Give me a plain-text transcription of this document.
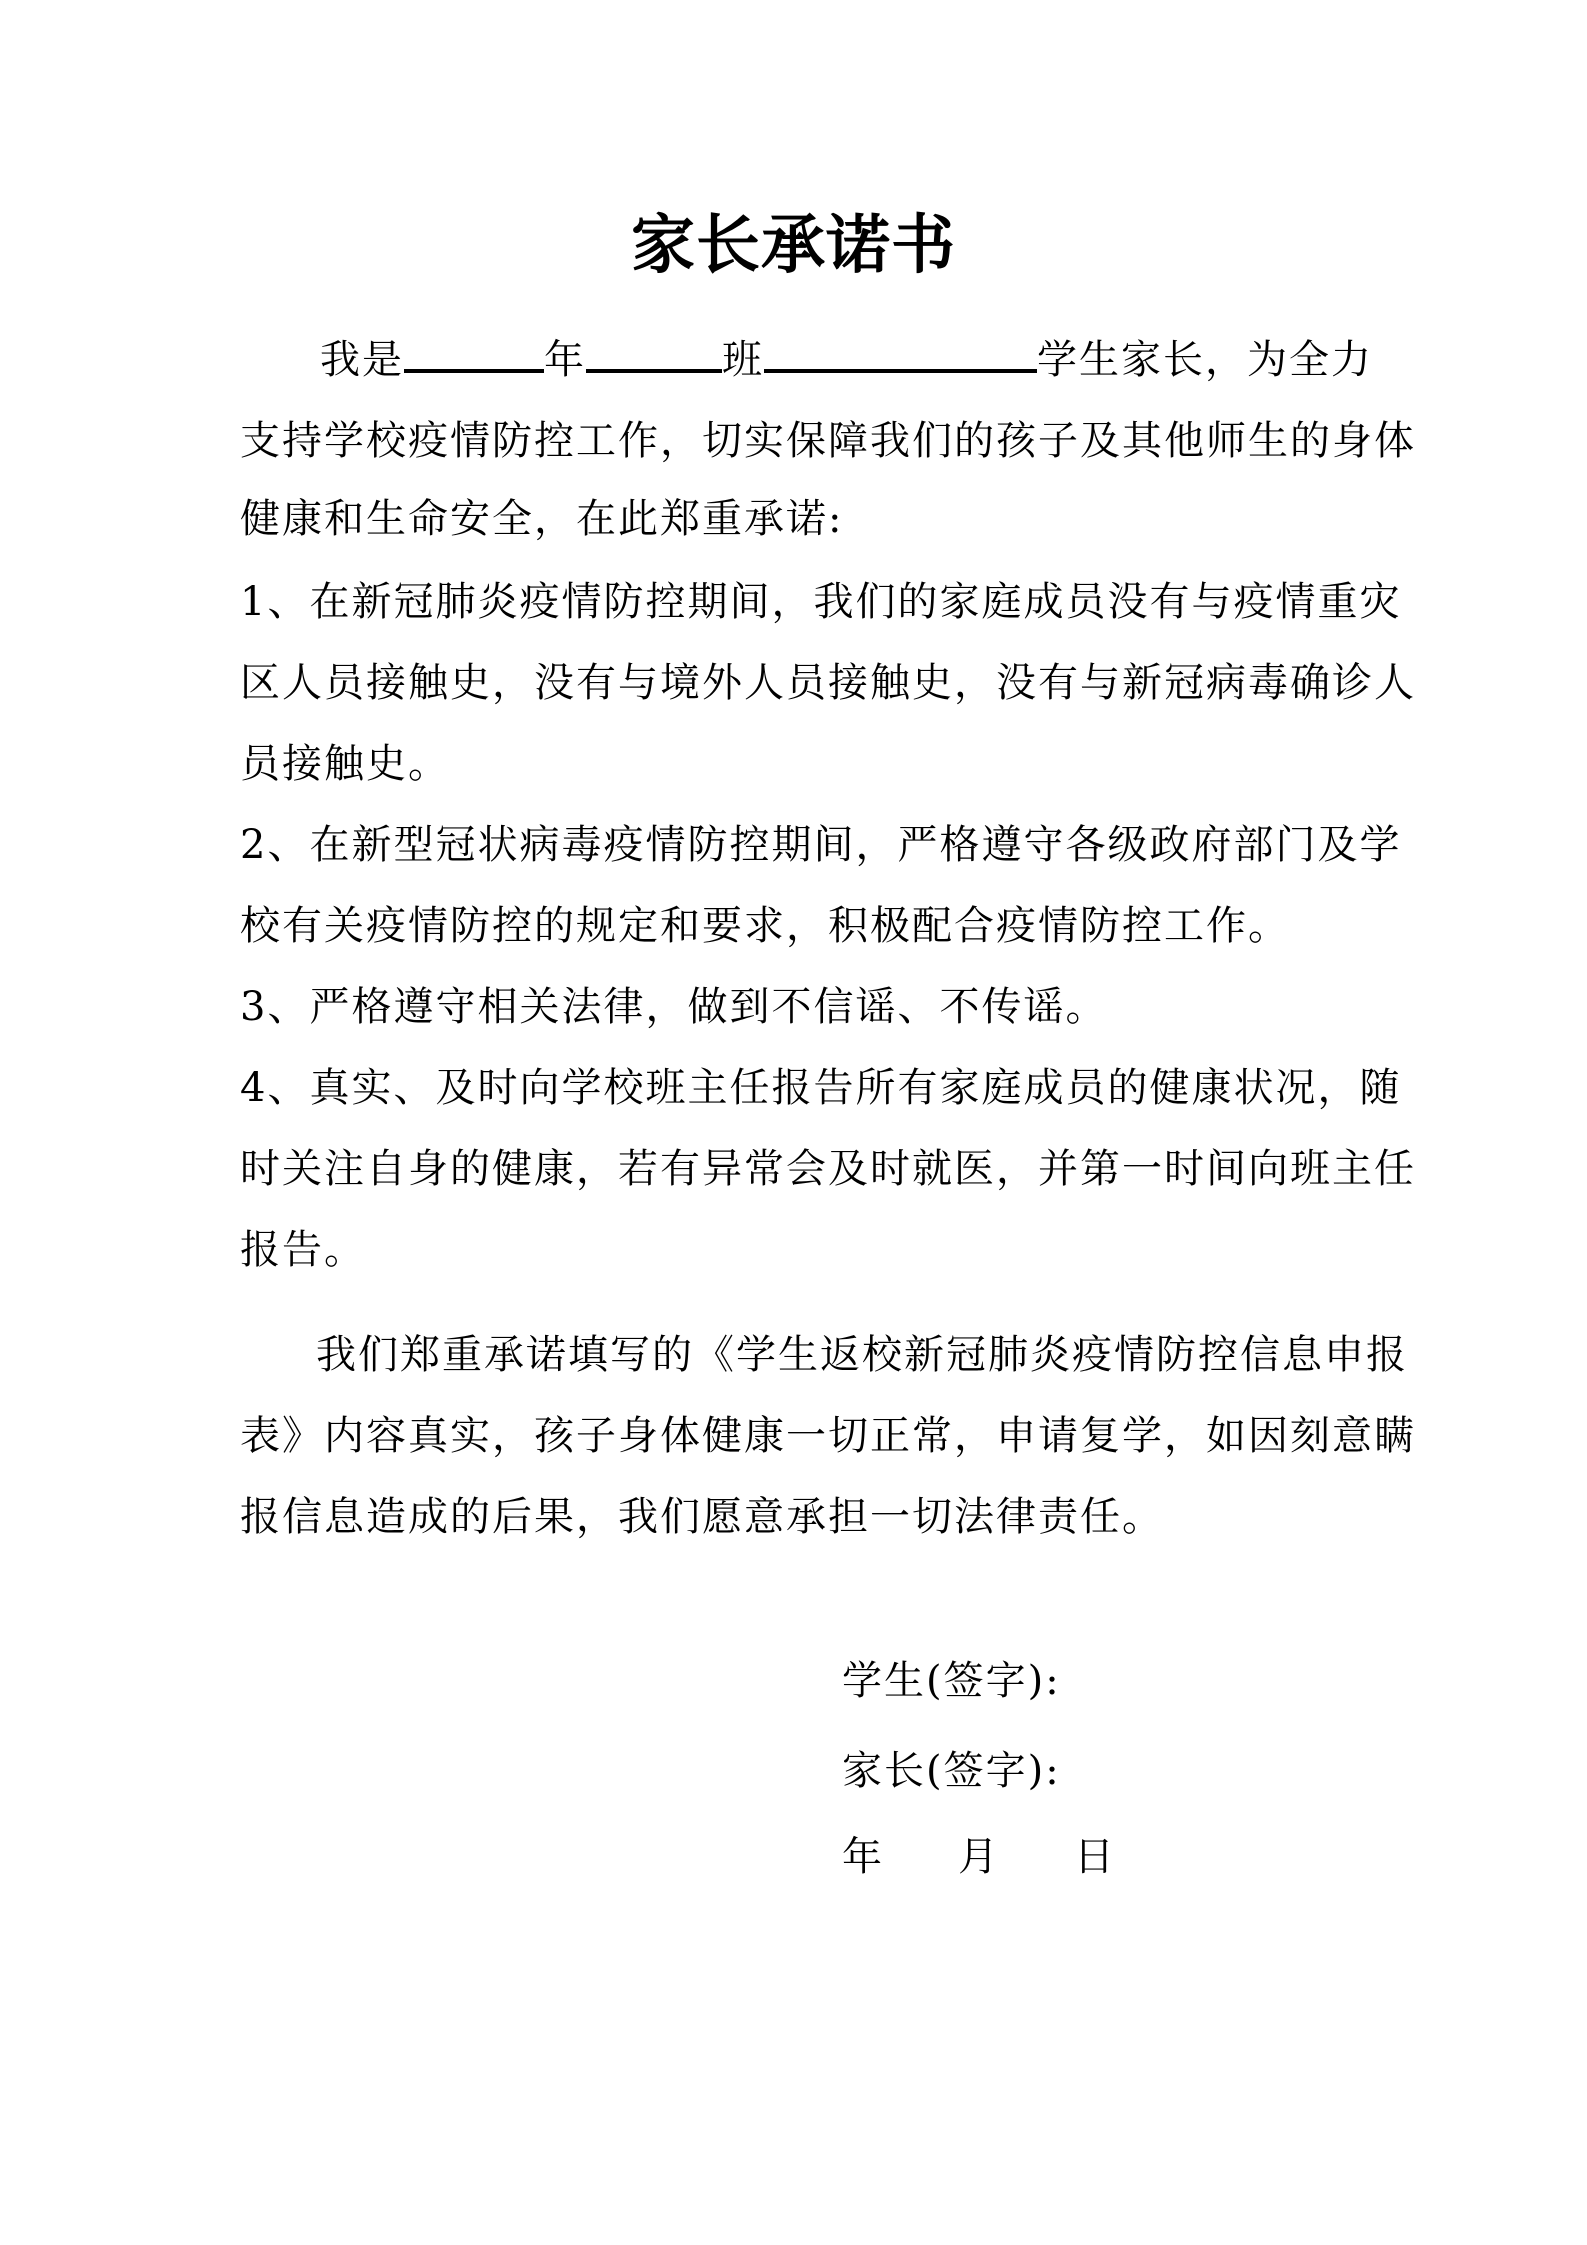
家长承诺书
我是	年	班	学生家长，为全力
支持学校疫情防控工作，切实保障我们的孩子及其他师生的身体
健康和生命安全，在此郑重承诺:
1、在新冠肺炎疫情防控期间，我们的家庭成员没有与疫情重灾
区人员接触史，没有与境外人员接触史，没有与新冠病毒确诊人
员接触史。
2、在新型冠状病毒疫情防控期间，严格遵守各级政府部门及学
校有关疫情防控的规定和要求，积极配合疫情防控工作。
3、严格遵守相关法律，做到不信谣、不传谣。
4、真实、及时向学校班主任报告所有家庭成员的健康状况，随
时关注自身的健康，若有异常会及时就医，并第一时间向班主任
报告。
我们郑重承诺填写的《学生返校新冠肺炎疫情防控信息申报
表》内容真实，孩子身体健康一切正常，申请复学，如因刻意瞒
报信息造成的后果，我们愿意承担一切法律责任。
学生(签字):
家长(签字):
年 月 日
